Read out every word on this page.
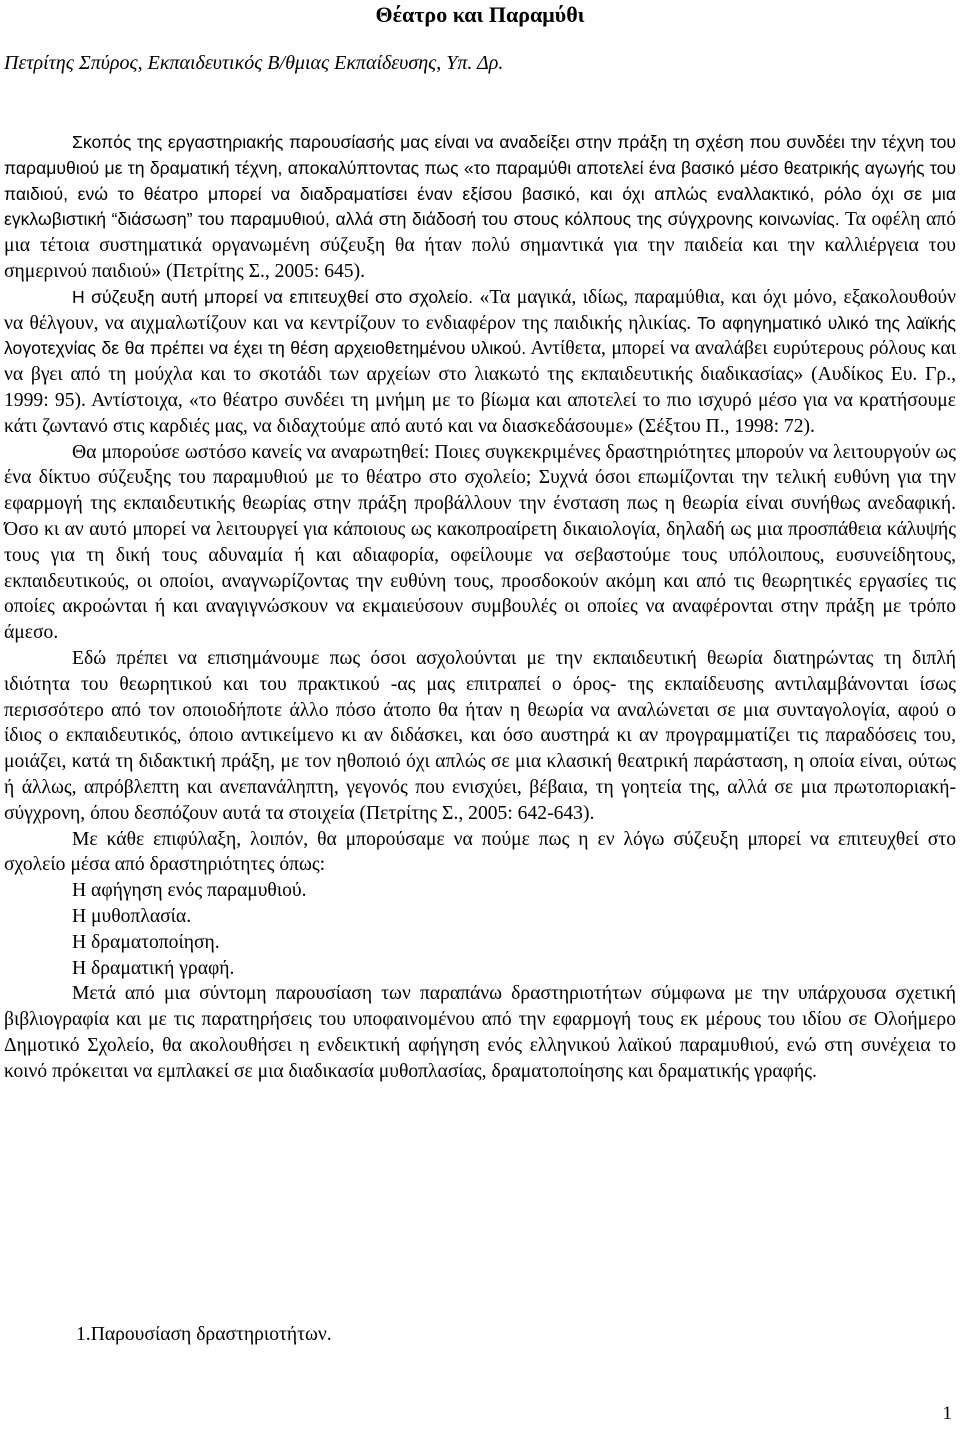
Θέατρο και Παραμύθι

Πετρίτης Σπύρος, Εκπαιδευτικός Β/θμιας Εκπαίδευσης, Υπ. Δρ.

Σκοπός της εργαστηριακής παρουσίασής μας είναι να αναδείξει στην πράξη τη σχέση που συνδέει την τέχνη του παραμυθιού με τη δραματική τέχνη, αποκαλύπτοντας πως «το παραμύθι αποτελεί ένα βασικό μέσο θεατρικής αγωγής του παιδιού, ενώ το θέατρο μπορεί να διαδραματίσει έναν εξίσου βασικό, και όχι απλώς εναλλακτικό, ρόλο όχι σε μια εγκλωβιστική “διάσωση” του παραμυθιού, αλλά στη διάδοσή του στους κόλπους της σύγχρονης κοινωνίας. Τα οφέλη από μια τέτοια συστηματικά οργανωμένη σύζευξη θα ήταν πολύ σημαντικά για την παιδεία και την καλλιέργεια του σημερινού παιδιού» (Πετρίτης Σ., 2005: 645).

Η σύζευξη αυτή μπορεί να επιτευχθεί στο σχολείο. «Τα μαγικά, ιδίως, παραμύθια, και όχι μόνο, εξακολουθούν να θέλγουν, να αιχμαλωτίζουν και να κεντρίζουν το ενδιαφέρον της παιδικής ηλικίας. Το αφηγηματικό υλικό της λαϊκής λογοτεχνίας δε θα πρέπει να έχει τη θέση αρχειοθετημένου υλικού. Αντίθετα, μπορεί να αναλάβει ευρύτερους ρόλους και να βγει από τη μούχλα και το σκοτάδι των αρχείων στο λιακωτό της εκπαιδευτικής διαδικασίας» (Αυδίκος Ευ. Γρ., 1999: 95). Αντίστοιχα, «το θέατρο συνδέει τη μνήμη με το βίωμα και αποτελεί το πιο ισχυρό μέσο για να κρατήσουμε κάτι ζωντανό στις καρδιές μας, να διδαχτούμε από αυτό και να διασκεδάσουμε» (Σέξτου Π., 1998: 72).

Θα μπορούσε ωστόσο κανείς να αναρωτηθεί: Ποιες συγκεκριμένες δραστηριότητες μπορούν να λειτουργούν ως ένα δίκτυο σύζευξης του παραμυθιού με το θέατρο στο σχολείο; Συχνά όσοι επωμίζονται την τελική ευθύνη για την εφαρμογή της εκπαιδευτικής θεωρίας στην πράξη προβάλλουν την ένσταση πως η θεωρία είναι συνήθως ανεδαφική. Όσο κι αν αυτό μπορεί να λειτουργεί για κάποιους ως κακοπροαίρετη δικαιολογία, δηλαδή ως μια προσπάθεια κάλυψής τους για τη δική τους αδυναμία ή και αδιαφορία, οφείλουμε να σεβαστούμε τους υπόλοιπους, ευσυνείδητους, εκπαιδευτικούς, οι οποίοι, αναγνωρίζοντας την ευθύνη τους, προσδοκούν ακόμη και από τις θεωρητικές εργασίες τις οποίες ακροώνται ή και αναγιγνώσκουν να εκμαιεύσουν συμβουλές οι οποίες να αναφέρονται στην πράξη με τρόπο άμεσο.

Εδώ πρέπει να επισημάνουμε πως όσοι ασχολούνται με την εκπαιδευτική θεωρία διατηρώντας τη διπλή ιδιότητα του θεωρητικού και του πρακτικού -ας μας επιτραπεί ο όρος- της εκπαίδευσης αντιλαμβάνονται ίσως περισσότερο από τον οποιοδήποτε άλλο πόσο άτοπο θα ήταν η θεωρία να αναλώνεται σε μια συνταγολογία, αφού ο ίδιος ο εκπαιδευτικός, όποιο αντικείμενο κι αν διδάσκει, και όσο αυστηρά κι αν προγραμματίζει τις παραδόσεις του, μοιάζει, κατά τη διδακτική πράξη, με τον ηθοποιό όχι απλώς σε μια κλασική θεατρική παράσταση, η οποία είναι, ούτως ή άλλως, απρόβλεπτη και ανεπανάληπτη, γεγονός που ενισχύει, βέβαια, τη γοητεία της, αλλά σε μια πρωτοποριακή-σύγχρονη, όπου δεσπόζουν αυτά τα στοιχεία (Πετρίτης Σ., 2005: 642-643).

Με κάθε επιφύλαξη, λοιπόν, θα μπορούσαμε να πούμε πως η εν λόγω σύζευξη μπορεί να επιτευχθεί στο σχολείο μέσα από δραστηριότητες όπως:

Η αφήγηση ενός παραμυθιού.
Η μυθοπλασία.
Η δραματοποίηση.
Η δραματική γραφή.

Μετά από μια σύντομη παρουσίαση των παραπάνω δραστηριοτήτων σύμφωνα με την υπάρχουσα σχετική βιβλιογραφία και με τις παρατηρήσεις του υποφαινομένου από την εφαρμογή τους εκ μέρους του ιδίου σε Ολοήμερο Δημοτικό Σχολείο, θα ακολουθήσει η ενδεικτική αφήγηση ενός ελληνικού λαϊκού παραμυθιού, ενώ στη συνέχεια το κοινό πρόκειται να εμπλακεί σε μια διαδικασία μυθοπλασίας, δραματοποίησης και δραματικής γραφής.

1.Παρουσίαση δραστηριοτήτων.

1
